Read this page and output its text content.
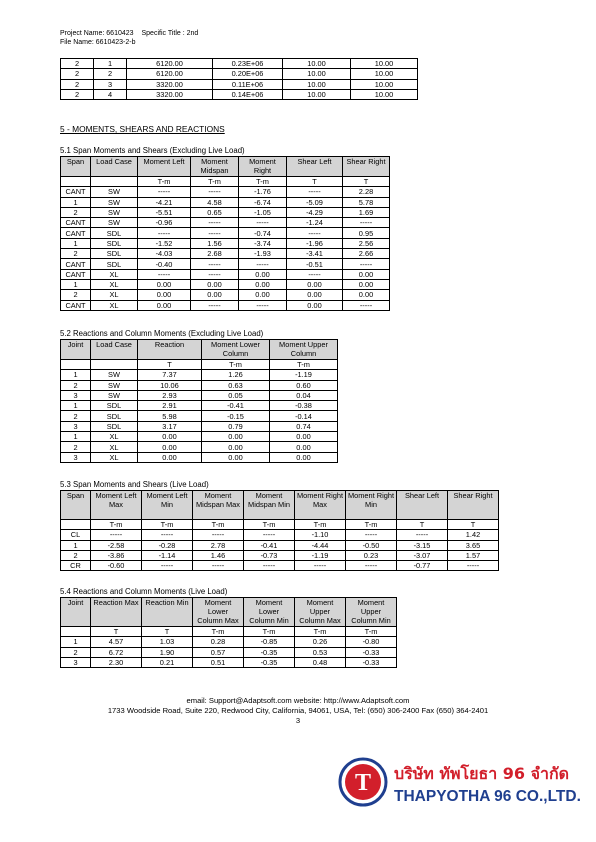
Project Name: 6610423 Specific Title : 2nd
File Name: 6610423-2-b
2	1	6120.00	0.23E+06	10.00	10.00
2	2	6120.00	0.20E+06	10.00	10.00
2	3	3320.00	0.11E+06	10.00	10.00
2	4	3320.00	0.14E+06	10.00	10.00
5 - MOMENTS, SHEARS AND REACTIONS
5.1 Span Moments and Shears (Excluding Live Load)
Span	Load Case	Moment Left	Moment Midspan	Moment Right	Shear Left	Shear Right
		T-m	T-m	T-m	T	T
CANT	SW	-----	-----	-1.76	-----	2.28
1	SW	-4.21	4.58	-6.74	-5.09	5.78
2	SW	-5.51	0.65	-1.05	-4.29	1.69
CANT	SW	-0.96	-----	-----	-1.24	-----
CANT	SDL	-----	-----	-0.74	-----	0.95
1	SDL	-1.52	1.56	-3.74	-1.96	2.56
2	SDL	-4.03	2.68	-1.93	-3.41	2.66
CANT	SDL	-0.40	-----	-----	-0.51	-----
CANT	XL	-----	-----	0.00	-----	0.00
1	XL	0.00	0.00	0.00	0.00	0.00
2	XL	0.00	0.00	0.00	0.00	0.00
CANT	XL	0.00	-----	-----	0.00	-----
5.2 Reactions and Column Moments (Excluding Live Load)
Joint	Load Case	Reaction	Moment Lower Column	Moment Upper Column
		T	T-m	T-m
1	SW	7.37	1.26	-1.19
2	SW	10.06	0.63	0.60
3	SW	2.93	0.05	0.04
1	SDL	2.91	-0.41	-0.38
2	SDL	5.98	-0.15	-0.14
3	SDL	3.17	0.79	0.74
1	XL	0.00	0.00	0.00
2	XL	0.00	0.00	0.00
3	XL	0.00	0.00	0.00
5.3 Span Moments and Shears (Live Load)
Span	Moment Left Max	Moment Left Min	Moment Midspan Max	Moment Midspan Min	Moment Right Max	Moment Right Min	Shear Left	Shear Right
	T-m	T-m	T-m	T-m	T-m	T-m	T	T
CL	-----	-----	-----	-----	-1.10	-----	-----	1.42
1	-2.58	-0.28	2.78	-0.41	-4.44	-0.50	-3.15	3.65
2	-3.86	-1.14	1.46	-0.73	-1.19	0.23	-3.07	1.57
CR	-0.60	-----	-----	-----	-----	-----	-0.77	-----
5.4 Reactions and Column Moments (Live Load)
Joint	Reaction Max	Reaction Min	Moment Lower Column Max	Moment Lower Column Min	Moment Upper Column Max	Moment Upper Column Min
	T	T	T-m	T-m	T-m	T-m
1	4.57	1.03	0.28	-0.85	0.26	-0.80
2	6.72	1.90	0.57	-0.35	0.53	-0.33
3	2.30	0.21	0.51	-0.35	0.48	-0.33
email: Support@Adaptsoft.com website: http://www.Adaptsoft.com
1733 Woodside Road, Suite 220, Redwood City, California, 94061, USA, Tel: (650) 306-2400 Fax (650) 364-2401
3
T บริษัท ทัพโยธา 96 จำกัด
THAPYOTHA 96 CO.,LTD.
